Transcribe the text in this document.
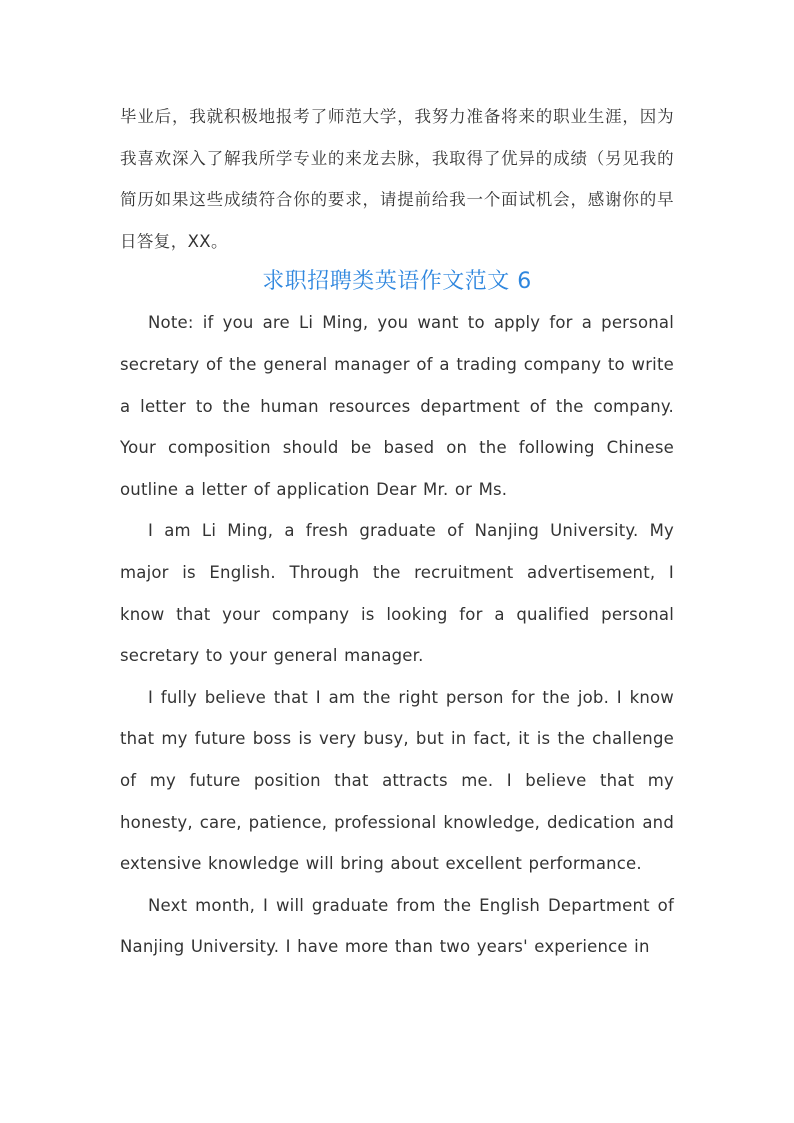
毕业后，我就积极地报考了师范大学，我努力准备将来的职业生涯，因为我喜欢深入了解我所学专业的来龙去脉，我取得了优异的成绩（另见我的简历如果这些成绩符合你的要求，请提前给我一个面试机会，感谢你的早日答复，XX。

求职招聘类英语作文范文 6

Note: if you are Li Ming, you want to apply for a personal secretary of the general manager of a trading company to write a letter to the human resources department of the company. Your composition should be based on the following Chinese outline a letter of application Dear Mr. or Ms.

I am Li Ming, a fresh graduate of Nanjing University. My major is English. Through the recruitment advertisement, I know that your company is looking for a qualified personal secretary to your general manager.

I fully believe that I am the right person for the job. I know that my future boss is very busy, but in fact, it is the challenge of my future position that attracts me. I believe that my honesty, care, patience, professional knowledge, dedication and extensive knowledge will bring about excellent performance.

Next month, I will graduate from the English Department of Nanjing University. I have more than two years' experience in
